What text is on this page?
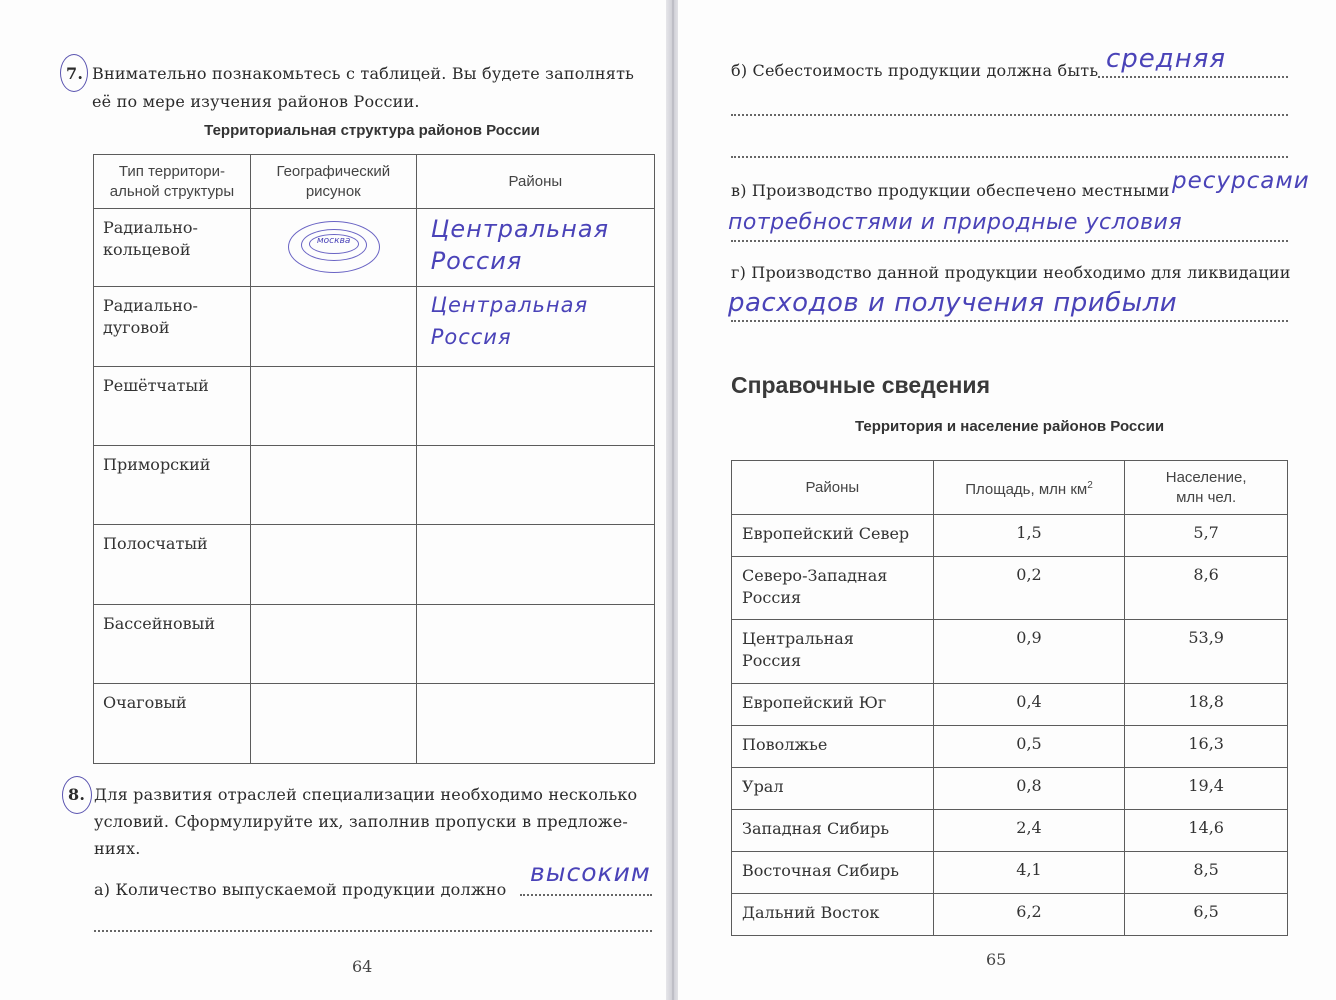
7. Внимательно познакомьтесь с таблицей. Вы будете заполнять
её по мере изучения районов России.
Территориальная структура районов России
Тип территори-
альной структуры	Географический
рисунок	Районы
Радиально-
кольцевой	москва	Центральная
Россия

Радиально-
дуговой		Центральная
Россия

Решётчатый		
Приморский		
Полосчатый		
Бассейновый		
Очаговый		
8. Для развития отраслей специализации необходимо несколько
условий. Сформулируйте их, заполнив пропуски в предложе-
ниях.
а) Количество выпускаемой продукции должно
высоким
64
б) Себестоимость продукции должна быть средняя
в) Производство продукции обеспечено местными ресурсами
потребностями и природные условия
г) Производство данной продукции необходимо для ликвидации
расходов и получения прибыли
Справочные сведения
Территория и население районов России
Районы	Площадь, млн $км^2$	Население,
млн чел.

Европейский Север	1,5	5,7
Северо-Западная
Россия	0,2	8,6
Центральная
Россия	0,9	53,9
Европейский Юг	0,4	18,8
Поволжье	0,5	16,3
Урал	0,8	19,4
Западная Сибирь	2,4	14,6
Восточная Сибирь	4,1	8,5
Дальний Восток	6,2	6,5
65
